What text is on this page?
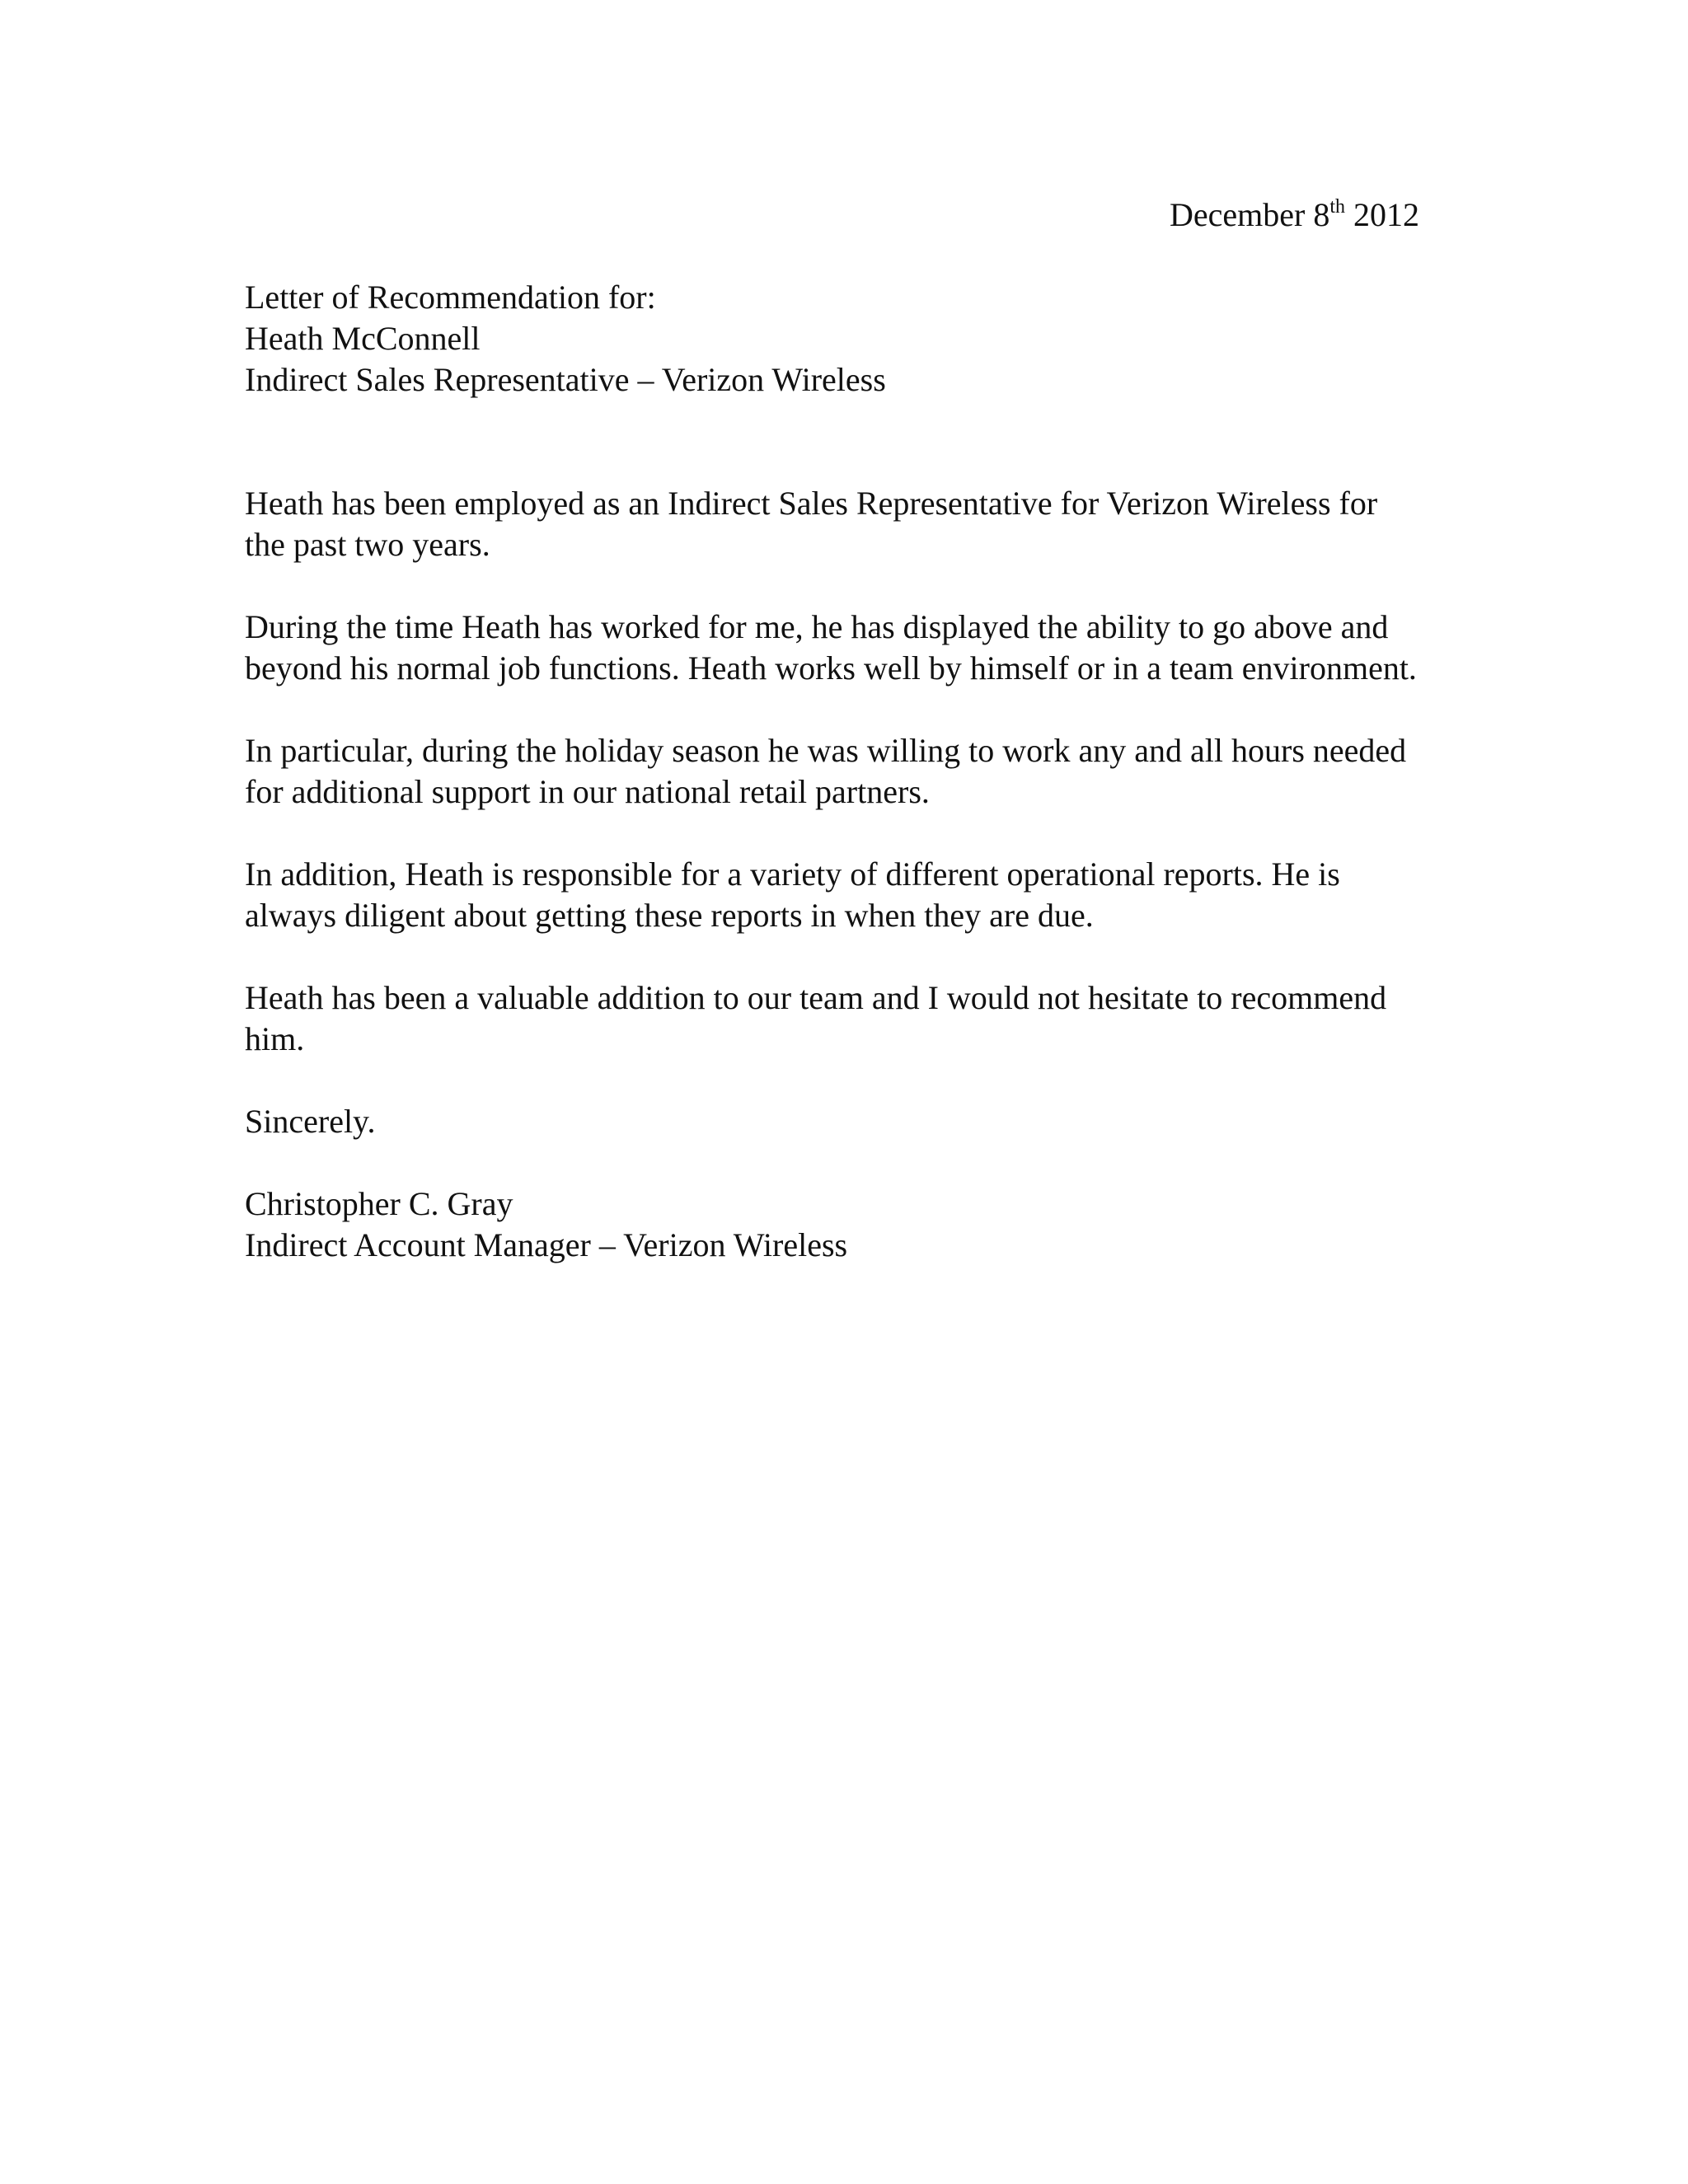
December 8th 2012

Letter of Recommendation for:

Heath McConnell

Indirect Sales Representative – Verizon Wireless

Heath has been employed as an Indirect Sales Representative for Verizon Wireless for the past two years.

During the time Heath has worked for me, he has displayed the ability to go above and beyond his normal job functions. Heath works well by himself or in a team environment.

In particular, during the holiday season he was willing to work any and all hours needed for additional support in our national retail partners.

In addition, Heath is responsible for a variety of different operational reports. He is always diligent about getting these reports in when they are due.

Heath has been a valuable addition to our team and I would not hesitate to recommend him.

Sincerely.

Christopher C. Gray

Indirect Account Manager – Verizon Wireless
